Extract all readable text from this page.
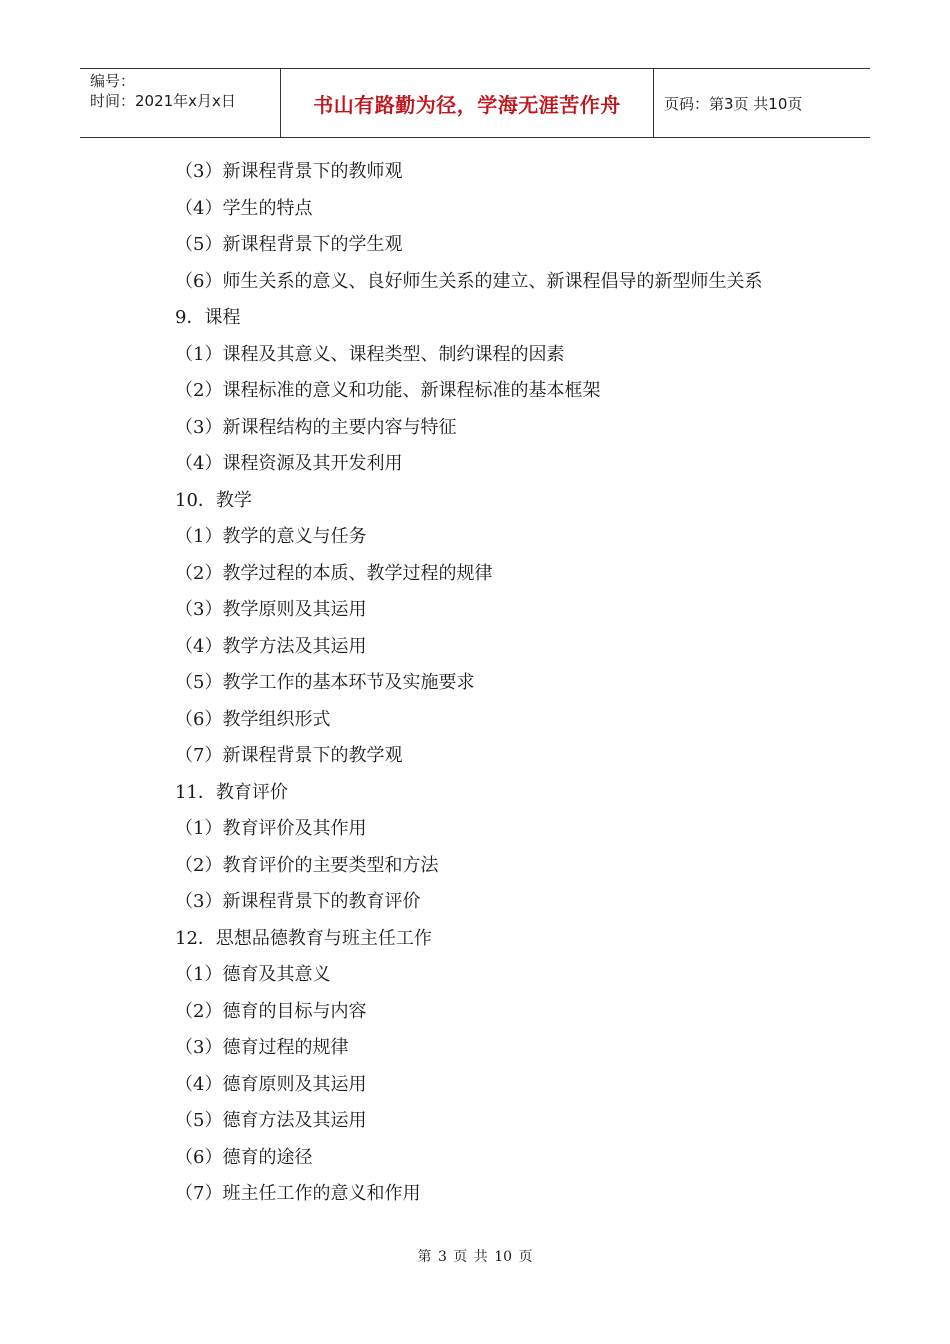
编号：
时间：2021年x月x日	书山有路勤为径，学海无涯苦作舟	页码：第3页 共10页
（3）新课程背景下的教师观
（4）学生的特点
（5）新课程背景下的学生观
（6）师生关系的意义、良好师生关系的建立、新课程倡导的新型师生关系
9．课程
（1）课程及其意义、课程类型、制约课程的因素
（2）课程标准的意义和功能、新课程标准的基本框架
（3）新课程结构的主要内容与特征
（4）课程资源及其开发利用
10．教学
（1）教学的意义与任务
（2）教学过程的本质、教学过程的规律
（3）教学原则及其运用
（4）教学方法及其运用
（5）教学工作的基本环节及实施要求
（6）教学组织形式
（7）新课程背景下的教学观
11．教育评价
（1）教育评价及其作用
（2）教育评价的主要类型和方法
（3）新课程背景下的教育评价
12．思想品德教育与班主任工作
（1）德育及其意义
（2）德育的目标与内容
（3）德育过程的规律
（4）德育原则及其运用
（5）德育方法及其运用
（6）德育的途径
（7）班主任工作的意义和作用
第 3 页 共 10 页
